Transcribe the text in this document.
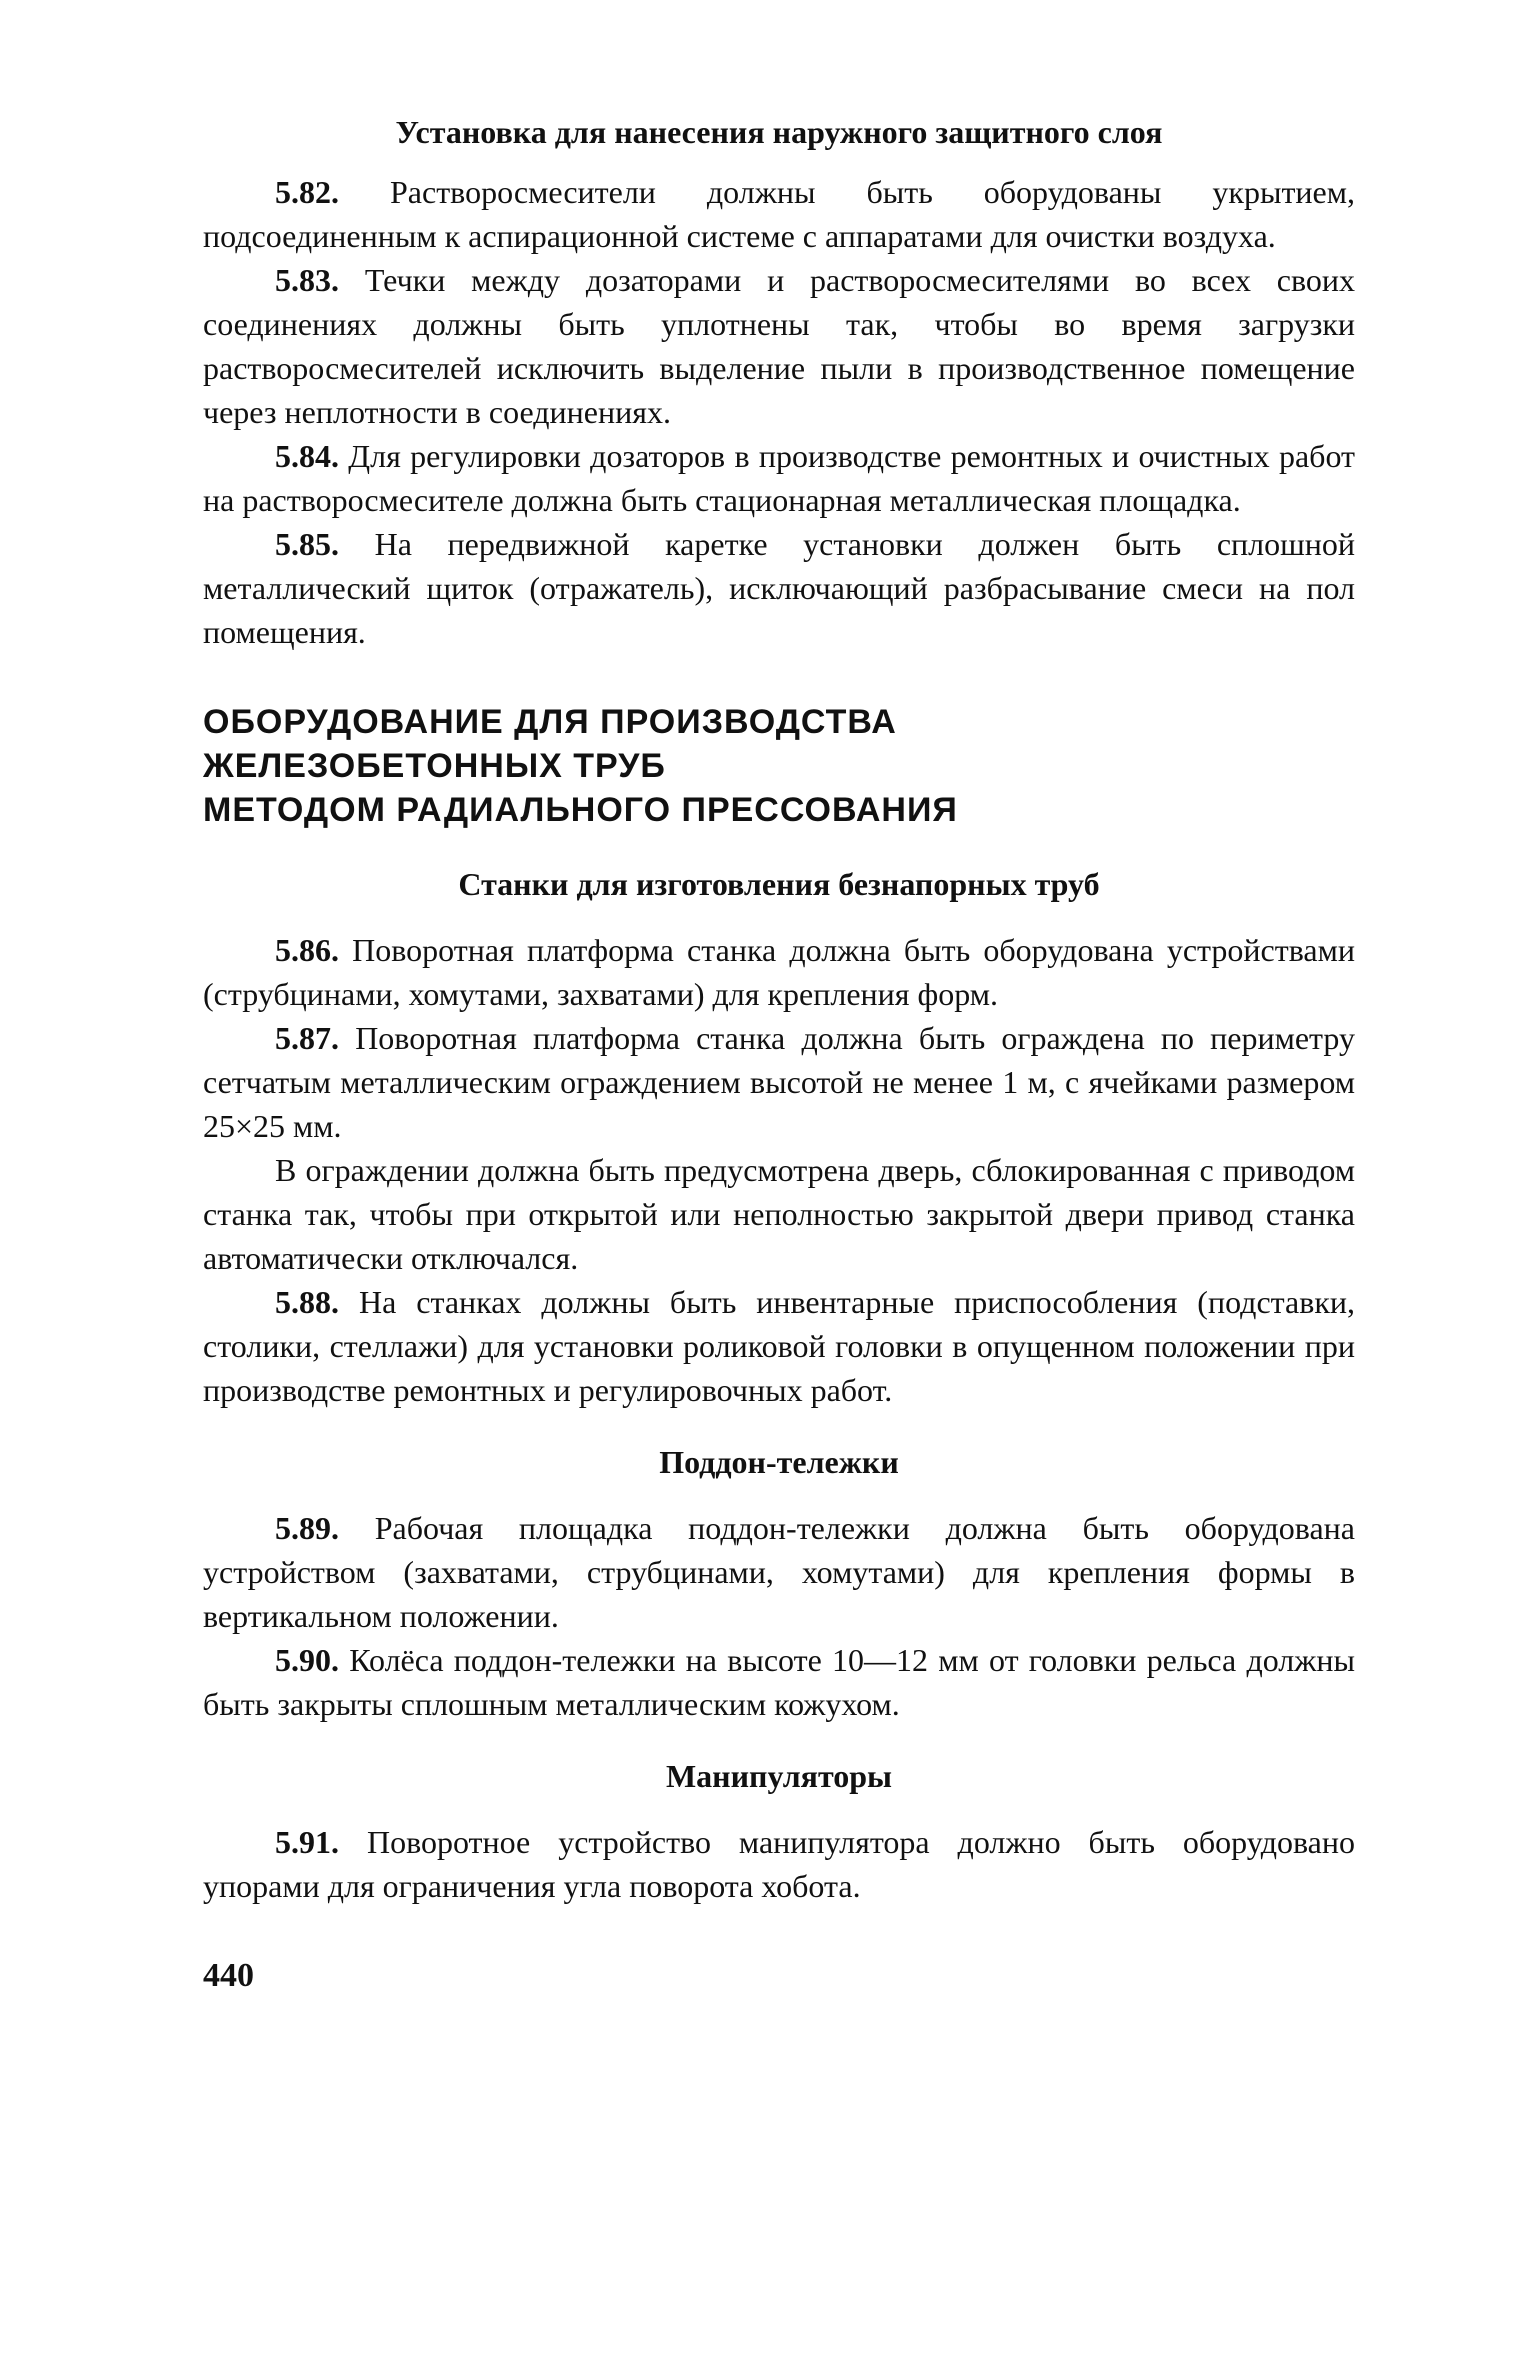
Установка для нанесения наружного защитного слоя

5.82. Растворосмесители должны быть оборудованы укрытием, подсоединенным к аспирационной системе с аппаратами для очистки воздуха.

5.83. Течки между дозаторами и растворосмесителями во всех своих соединениях должны быть уплотнены так, чтобы во время загрузки растворосмесителей исключить выделение пыли в производственное помещение через неплотности в соединениях.

5.84. Для регулировки дозаторов в производстве ремонтных и очистных работ на растворосмесителе должна быть стационарная металлическая площадка.

5.85. На передвижной каретке установки должен быть сплошной металлический щиток (отражатель), исключающий разбрасывание смеси на пол помещения.

ОБОРУДОВАНИЕ ДЛЯ ПРОИЗВОДСТВА
ЖЕЛЕЗОБЕТОННЫХ ТРУБ
МЕТОДОМ РАДИАЛЬНОГО ПРЕССОВАНИЯ
Станки для изготовления безнапорных труб

5.86. Поворотная платформа станка должна быть оборудована устройствами (струбцинами, хомутами, захватами) для крепления форм.

5.87. Поворотная платформа станка должна быть ограждена по периметру сетчатым металлическим ограждением высотой не менее 1 м, с ячейками размером 25×25 мм.

В ограждении должна быть предусмотрена дверь, сблокированная с приводом станка так, чтобы при открытой или неполностью закрытой двери привод станка автоматически отключался.

5.88. На станках должны быть инвентарные приспособления (подставки, столики, стеллажи) для установки роликовой головки в опущенном положении при производстве ремонтных и регулировочных работ.

Поддон-тележки

5.89. Рабочая площадка поддон-тележки должна быть оборудована устройством (захватами, струбцинами, хомутами) для крепления формы в вертикальном положении.

5.90. Колёса поддон-тележки на высоте 10—12 мм от головки рельса должны быть закрыты сплошным металлическим кожухом.

Манипуляторы

5.91. Поворотное устройство манипулятора должно быть оборудовано упорами для ограничения угла поворота хобота.

440
